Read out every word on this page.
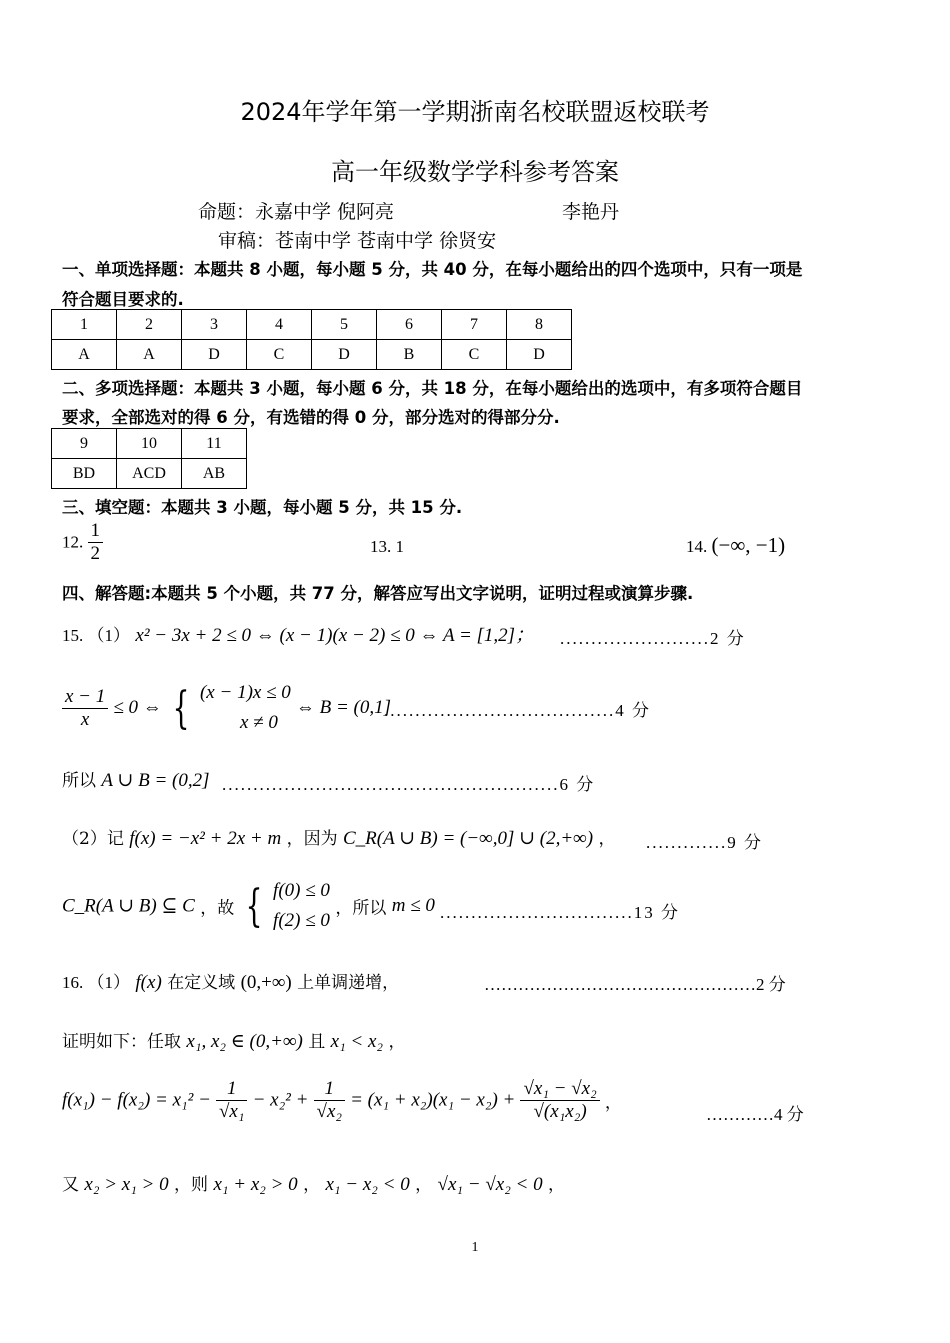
2024年学年第一学期浙南名校联盟返校联考
高一年级数学学科参考答案
命题：永嘉中学 倪阿亮	李艳丹
审稿：苍南中学 苍南中学 徐贤安
一、单项选择题：本题共 8 小题，每小题 5 分，共 40 分，在每小题给出的四个选项中，只有一项是
符合题目要求的.
1	2	3	4	5	6	7	8
A	A	D	C	D	B	C	D
二、多项选择题：本题共 3 小题，每小题 6 分，共 18 分，在每小题给出的选项中，有多项符合题目
要求，全部选对的得 6 分，有选错的得 0 分，部分选对的得部分分.
9	10	11
BD	ACD	AB
三、填空题：本题共 3 小题，每小题 5 分，共 15 分.
12. $\frac{1}{2}$	13. 1	14. (−∞, −1)
四、解答题:本题共 5 个小题，共 77 分，解答应写出文字说明，证明过程或演算步骤.
15. （1） x² − 3x + 2 ≤ 0 ⇔ (x − 1)(x − 2) ≤ 0 ⇔ A = [1,2]； ........................2 分
$\frac{x - 1}{x} \le 0$ ⇔ { (x − 1)x ≤ 0
x ≠ 0
⇔ B = (0,1]
.....................................4 分
所以 A ∪ B = (0,2] ......................................................6 分
（2）记 f(x) = −x² + 2x + m ，因为 C_R(A ∪ B) = (−∞,0] ∪ (2,+∞) ， .............9 分
C_R(A ∪ B) ⊆ C ，故 { f(0) ≤ 0
f(2) ≤ 0
，所以 m ≤ 0 ...............................13 分
16. （1） f(x) 在定义域 (0,+∞) 上单调递增，	…………………………………………2 分
证明如下：任取 x₁, x₂ ∈ (0,+∞) 且 x₁ < x₂ ，
$f(x_1) - f(x_2) = x_1^2 - \frac{1}{\text{√x₁}} - x_2^2 + \frac{1}{\text{√x₂}} = (x_1 + x_2)(x_1 - x_2) + \frac{\text{√x₁ − √x₂}}{\text{√(x₁x₂)}}$ ，
…………4 分
又 x₂ > x₁ > 0 ，则 x₁ + x₂ > 0 ， x₁ − x₂ < 0 ， √x₁ − √x₂ < 0 ，
1
